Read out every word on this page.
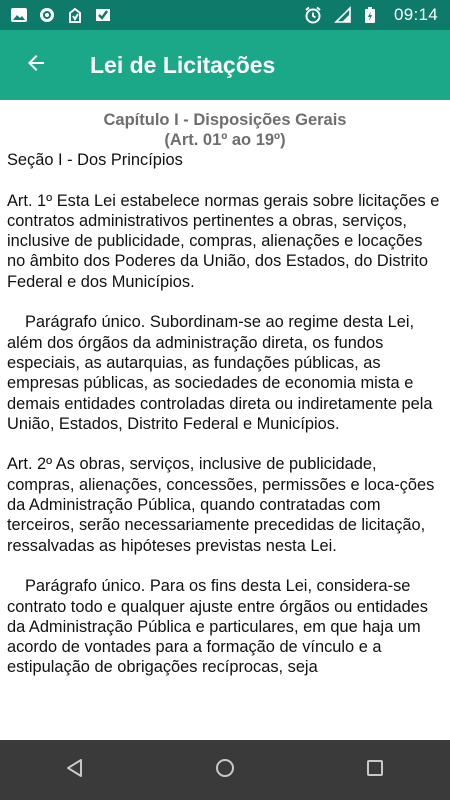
09:14
Lei de Licitações
Capítulo I - Disposições Gerais
(Art. 01º ao 19º)

Seção I - Dos Princípios

Art. 1º Esta Lei estabelece normas gerais sobre licitações e contratos administrativos pertinentes a obras, serviços, inclusive de publicidade, compras, alienações e locações no âmbito dos Poderes da União, dos Estados, do Distrito Federal e dos Municípios.

Parágrafo único. Subordinam-se ao regime desta Lei, além dos órgãos da administração direta, os fundos especiais, as autarquias, as fundações públicas, as empresas públicas, as sociedades de economia mista e demais entidades controladas direta ou indiretamente pela União, Estados, Distrito Federal e Municípios.

Art. 2º As obras, serviços, inclusive de publicidade, compras, alienações, concessões, permissões e loca-ções da Administração Pública, quando contratadas com terceiros, serão necessariamente precedidas de licitação, ressalvadas as hipóteses previstas nesta Lei.

Parágrafo único. Para os fins desta Lei, considera-se contrato todo e qualquer ajuste entre órgãos ou entidades da Administração Pública e particulares, em que haja um acordo de vontades para a formação de vínculo e a estipulação de obrigações recíprocas, seja
